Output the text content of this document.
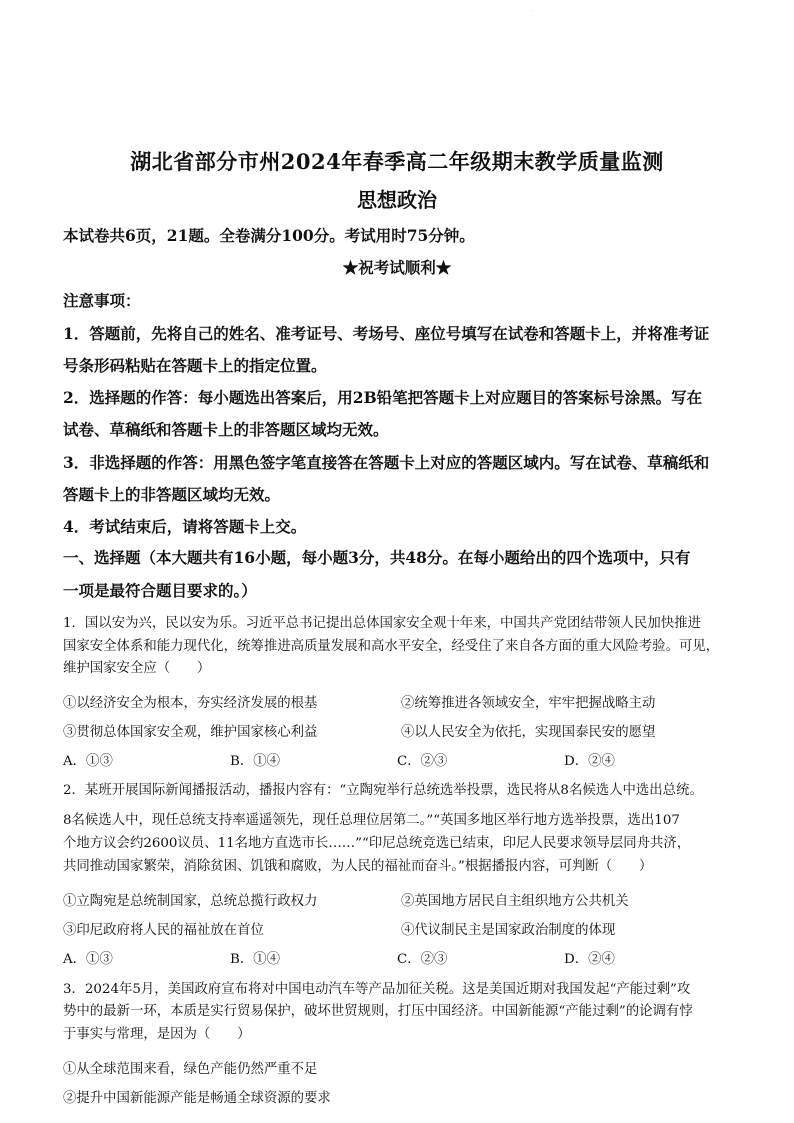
·
湖北省部分市州2024年春季高二年级期末教学质量监测
思想政治
本试卷共6页，21题。全卷满分100分。考试用时75分钟。
★祝考试顺利★
注意事项：
1．答题前，先将自己的姓名、准考证号、考场号、座位号填写在试卷和答题卡上，并将准考证
号条形码粘贴在答题卡上的指定位置。
2．选择题的作答：每小题选出答案后，用2B铅笔把答题卡上对应题目的答案标号涂黑。写在
试卷、草稿纸和答题卡上的非答题区域均无效。
3．非选择题的作答：用黑色签字笔直接答在答题卡上对应的答题区域内。写在试卷、草稿纸和
答题卡上的非答题区域均无效。
4．考试结束后，请将答题卡上交。
一、选择题（本大题共有16小题，每小题3分，共48分。在每小题给出的四个选项中，只有
一项是最符合题目要求的。）
1．国以安为兴，民以安为乐。习近平总书记提出总体国家安全观十年来，中国共产党团结带领人民加快推进
国家安全体系和能力现代化，统筹推进高质量发展和高水平安全，经受住了来自各方面的重大风险考验。可见，
维护国家安全应（　　）
①以经济安全为根本，夯实经济发展的根基	②统筹推进各领域安全，牢牢把握战略主动
③贯彻总体国家安全观，维护国家核心利益	④以人民安全为依托，实现国泰民安的愿望
A．①③	B．①④	C．②③	D．②④
2．某班开展国际新闻播报活动，播报内容有：“立陶宛举行总统选举投票，选民将从8名候选人中选出总统。
8名候选人中，现任总统支持率遥遥领先，现任总理位居第二。”“英国多地区举行地方选举投票，选出107
个地方议会约2600议员、11名地方直选市长……”“印尼总统竞选已结束，印尼人民要求领导层同舟共济，
共同推动国家繁荣，消除贫困、饥饿和腐败，为人民的福祉而奋斗。”根据播报内容，可判断（　　）
①立陶宛是总统制国家，总统总揽行政权力	②英国地方居民自主组织地方公共机关
③印尼政府将人民的福祉放在首位	④代议制民主是国家政治制度的体现
A．①③	B．①④	C．②③	D．②④
3．2024年5月，美国政府宣布将对中国电动汽车等产品加征关税。这是美国近期对我国发起“产能过剩”攻
势中的最新一环，本质是实行贸易保护，破坏世贸规则，打压中国经济。中国新能源“产能过剩”的论调有悖
于事实与常理，是因为（　　）
①从全球范围来看，绿色产能仍然严重不足
②提升中国新能源产能是畅通全球资源的要求
